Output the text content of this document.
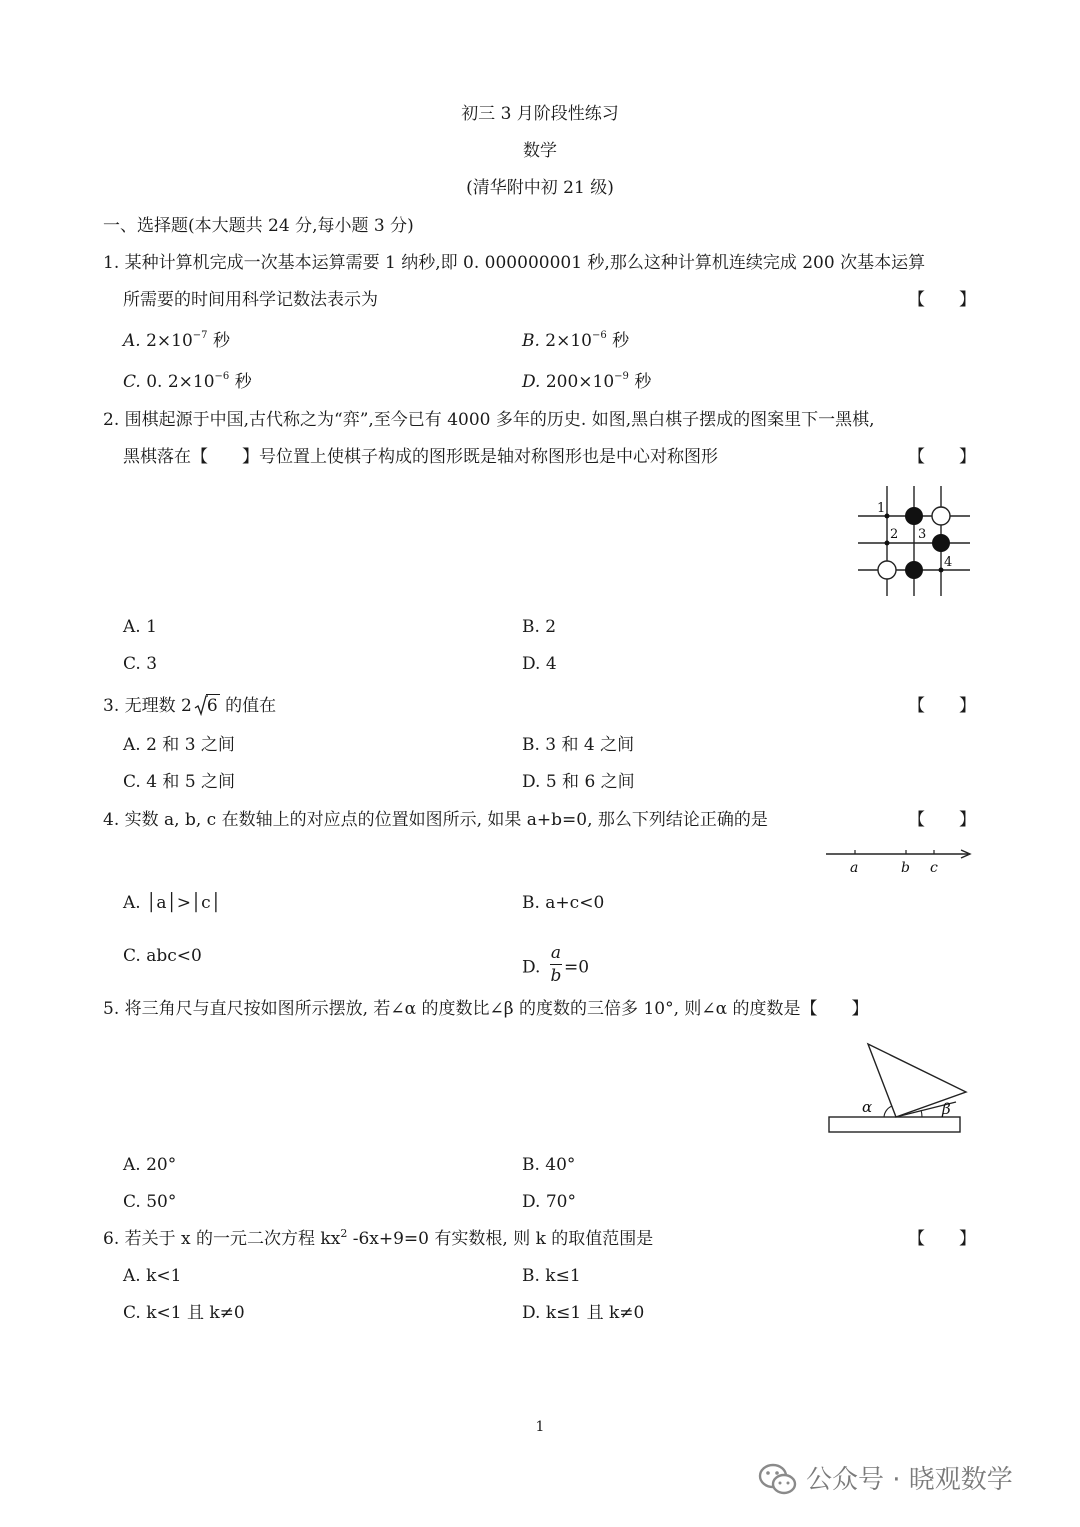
初三 3 月阶段性练习
数学
(清华附中初 21 级)
一、选择题(本大题共 24 分,每小题 3 分)
1. 某种计算机完成一次基本运算需要 1 纳秒,即 0. 000000001 秒,那么这种计算机连续完成 200 次基本运算
所需要的时间用科学记数法表示为	【　　】
A. $2\times 10^{-7}$ 秒	B. $2\times 10^{-6}$ 秒
C. 0. $2\times 10^{-6}$ 秒	D. $200\times 10^{-9}$ 秒
2. 围棋起源于中国,古代称之为“弈”,至今已有 4000 多年的历史. 如图,黑白棋子摆成的图案里下一黑棋,
黑棋落在【　　】号位置上使棋子构成的图形既是轴对称图形也是中心对称图形	【　　】
1
2 3
4
A. 1	B. 2
C. 3	D. 4
3. 无理数 2 6 的值在	【　　】
A. 2 和 3 之间	B. 3 和 4 之间
C. 4 和 5 之间	D. 5 和 6 之间
4. 实数 a, b, c 在数轴上的对应点的位置如图所示, 如果 a+b=0, 那么下列结论正确的是	【　　】
a	b c
A. │a│>│c│	B. a+c<0
C. abc<0
D. $\frac{a}{b} =0$
5. 将三角尺与直尺按如图所示摆放, 若∠α 的度数比∠β 的度数的三倍多 10°, 则∠α 的度数是【　　】
α	β
A. 20°	B. 40°
C. 50°	D. 70°
6. 若关于 x 的一元二次方程 $kx^2$ -6x+9=0 有实数根, 则 k 的取值范围是	【　　】
A. k<1	B. k≤1
C. k<1 且 k≠0	D. k≤1 且 k≠0
1
公众号 · 晓观数学
